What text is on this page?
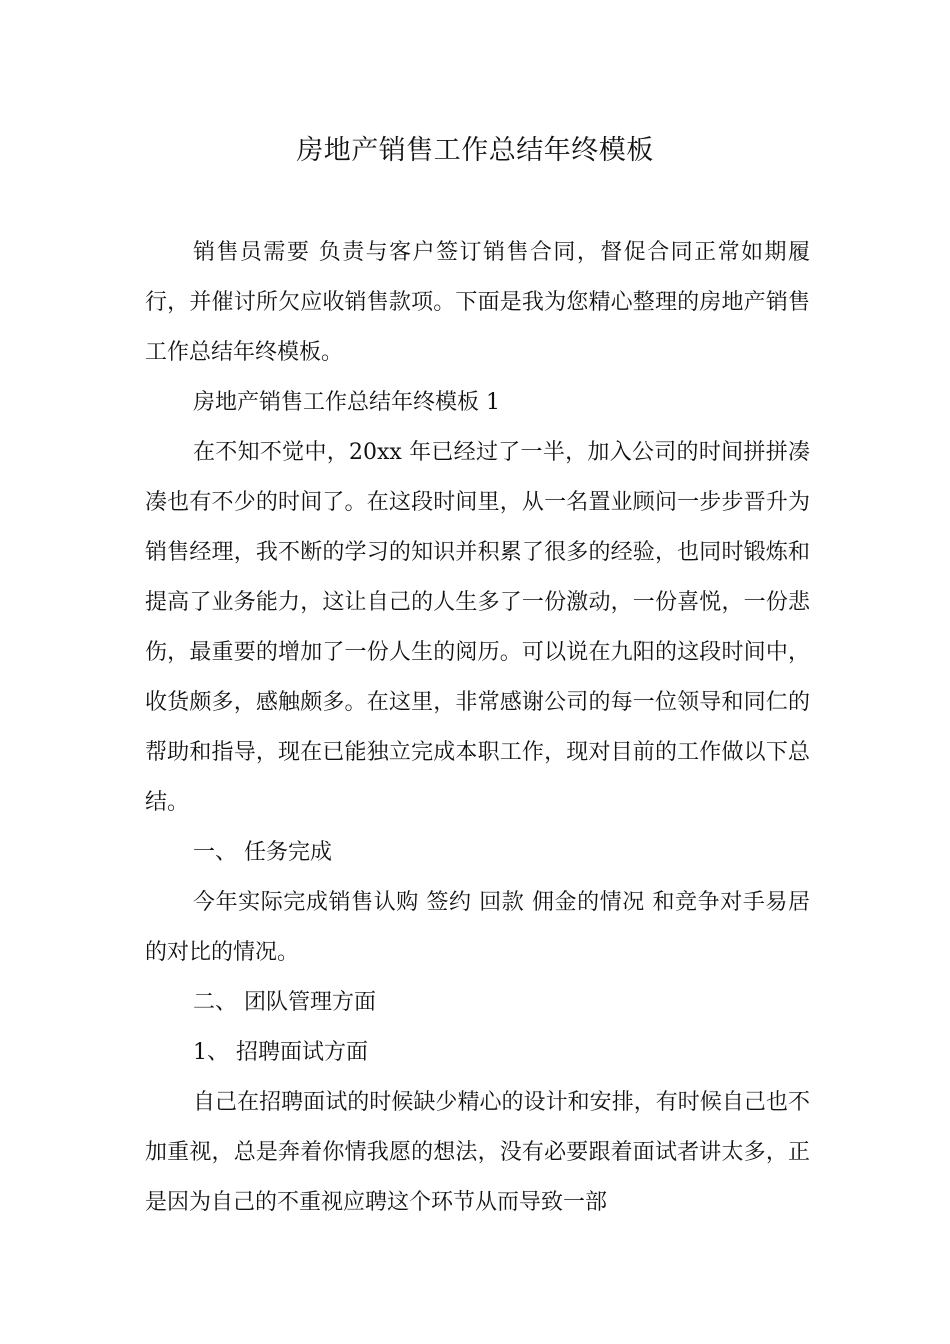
房地产销售工作总结年终模板

销售员需要 负责与客户签订销售合同，督促合同正常如期履行，并催讨所欠应收销售款项。下面是我为您精心整理的房地产销售工作总结年终模板。

房地产销售工作总结年终模板 1

在不知不觉中，20xx 年已经过了一半，加入公司的时间拼拼凑凑也有不少的时间了。在这段时间里，从一名置业顾问一步步晋升为销售经理，我不断的学习的知识并积累了很多的经验，也同时锻炼和提高了业务能力，这让自己的人生多了一份激动，一份喜悦，一份悲伤，最重要的增加了一份人生的阅历。可以说在九阳的这段时间中，收货颇多，感触颇多。在这里，非常感谢公司的每一位领导和同仁的帮助和指导，现在已能独立完成本职工作，现对目前的工作做以下总结。

一、 任务完成

今年实际完成销售认购 签约 回款 佣金的情况 和竞争对手易居的对比的情况。

二、 团队管理方面

1、 招聘面试方面

自己在招聘面试的时候缺少精心的设计和安排，有时候自己也不加重视，总是奔着你情我愿的想法，没有必要跟着面试者讲太多，正是因为自己的不重视应聘这个环节从而导致一部
